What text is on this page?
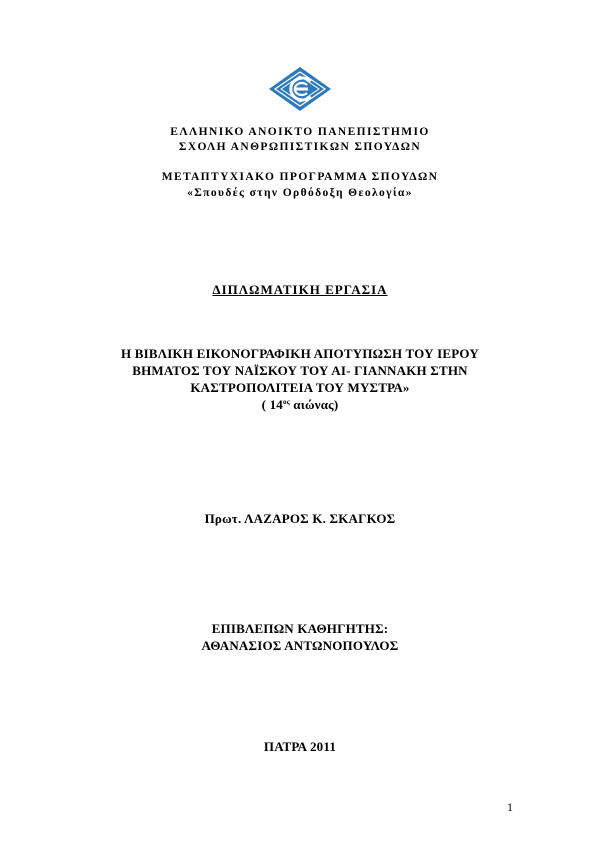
ΕΛΛΗΝΙΚΟ ΑΝΟΙΚΤΟ ΠΑΝΕΠΙΣΤΗΜΙΟ
ΣΧΟΛΗ ΑΝΘΡΩΠΙΣΤΙΚΩΝ ΣΠΟΥΔΩΝ
ΜΕΤΑΠΤΥΧΙΑΚΟ ΠΡΟΓΡΑΜΜΑ ΣΠΟΥΔΩΝ
«Σπουδές στην Ορθόδοξη Θεολογία»
ΔΙΠΛΩΜΑΤΙΚΗ ΕΡΓΑΣΙΑ
Η ΒΙΒΛΙΚΗ ΕΙΚΟΝΟΓΡΑΦΙΚΗ ΑΠΟΤΥΠΩΣΗ ΤΟΥ ΙΕΡΟΥ
ΒΗΜΑΤΟΣ ΤΟΥ ΝΑΪΣΚΟΥ ΤΟΥ ΑΙ- ΓΙΑΝΝΑΚΗ ΣΤΗΝ
ΚΑΣΤΡΟΠΟΛΙΤΕΙΑ ΤΟΥ ΜΥΣΤΡΑ»
( $14^{o\varsigma}$ αιώνας)
Πρωτ. ΛΑΖΑΡΟΣ Κ. ΣΚΑΓΚΟΣ
ΕΠΙΒΛΕΠΩΝ ΚΑΘΗΓΗΤΗΣ:
ΑΘΑΝΑΣΙΟΣ ΑΝΤΩΝΟΠΟΥΛΟΣ
ΠΑΤΡΑ 2011
1
